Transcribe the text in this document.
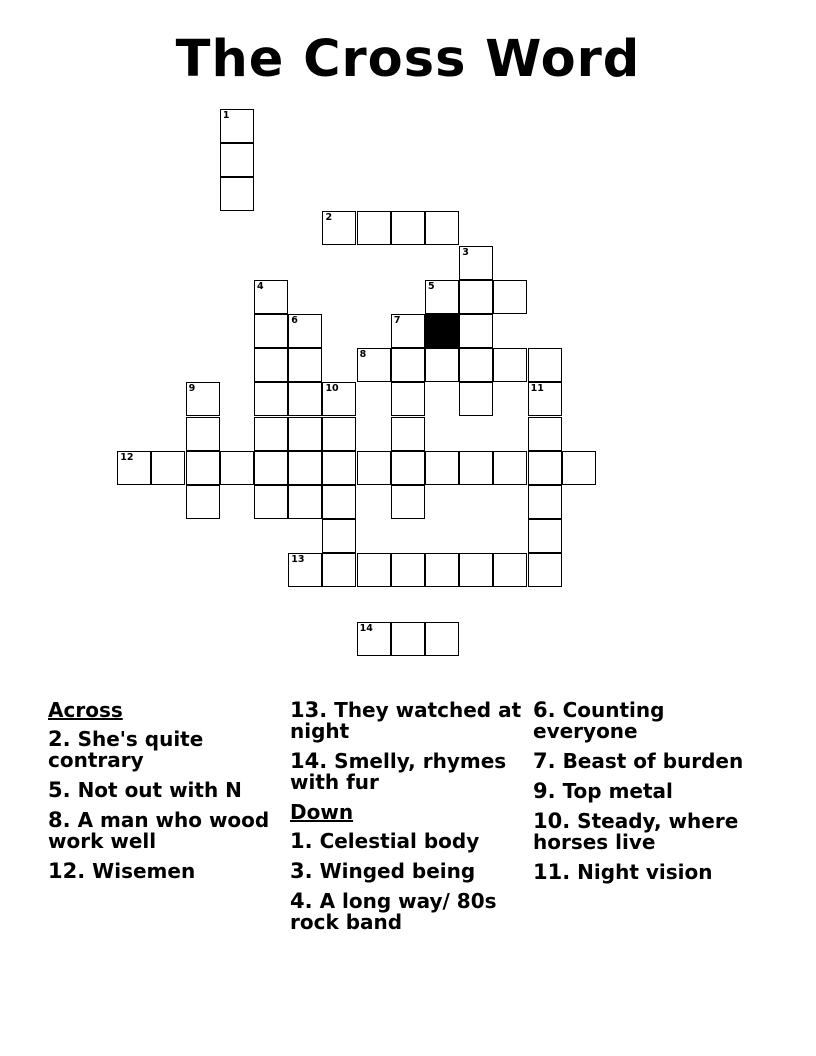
The Cross Word
1
2
3
4	5
6	7
8
9	10	11
12
13
14
Across
2. She's quite contrary
5. Not out with N
8. A man who wood work well
12. Wisemen
13. They watched at night
14. Smelly, rhymes with fur
Down
1. Celestial body
3. Winged being
4. A long way/ 80s rock band
6. Counting everyone
7. Beast of burden
9. Top metal
10. Steady, where horses live
11. Night vision
